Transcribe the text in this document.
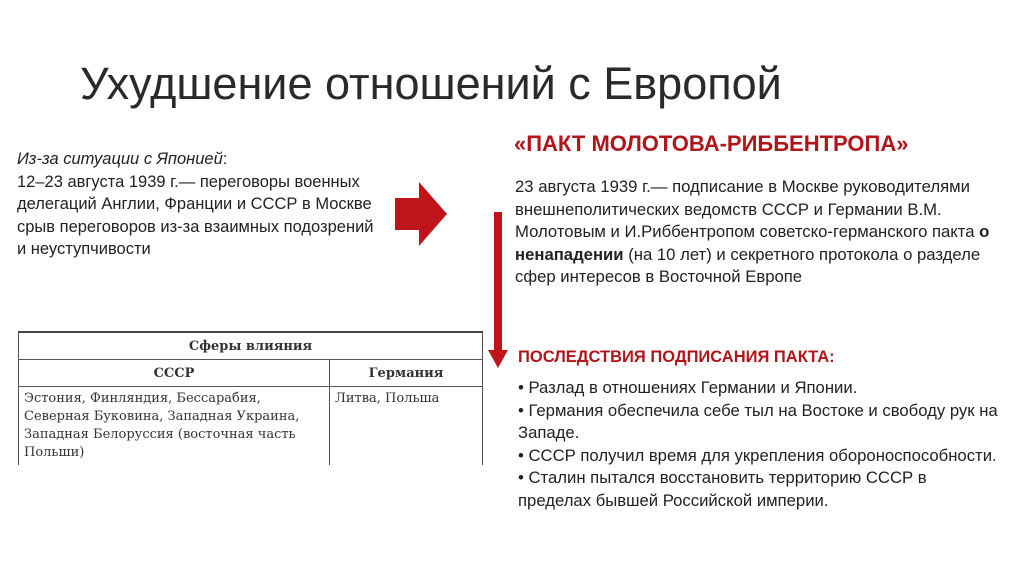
Ухудшение отношений с Европой
Из-за ситуации с Японией:
12–23 августа 1939 г.— переговоры военных делегаций Англии, Франции и СССР в Москве срыв переговоров из-за взаимных подозрений и неуступчивости
«ПАКТ МОЛОТОВА-РИББЕНТРОПА»
23 августа 1939 г.— подписание в Москве руководителями внешнеполитических ведомств СССР и Германии В.М. Молотовым и И.Риббентропом советско-германского пакта о ненападении (на 10 лет) и секретного протокола о разделе сфер интересов в Восточной Европе
ПОСЛЕДСТВИЯ ПОДПИСАНИЯ ПАКТА:
• Разлад в отношениях Германии и Японии.
• Германия обеспечила себе тыл на Востоке и свободу рук на Западе.
• СССР получил время для укрепления обороноспособности.
• Сталин пытался восстановить территорию СССР в пределах бывшей Российской империи.
Сферы влияния	
СССР	Германия
Эстония, Финляндия, Бессарабия, Северная Буковина, Западная Украина, Западная Белоруссия (восточная часть Польши)	Литва, Польша
